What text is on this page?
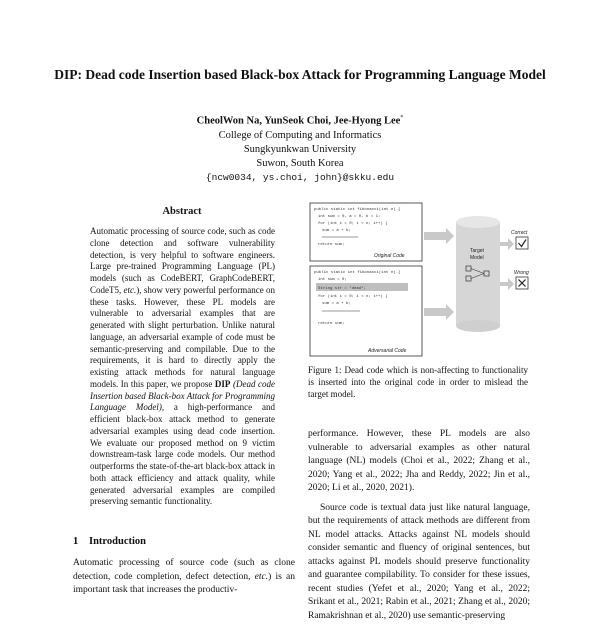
DIP: Dead code Insertion based Black-box Attack for Programming Language Model
CheolWon Na, YunSeok Choi, Jee-Hyong Lee*
College of Computing and Informatics
Sungkyunkwan University
Suwon, South Korea
{ncw0034, ys.choi, john}@skku.edu
Abstract

Automatic processing of source code, such as code clone detection and software vulnerability detection, is very helpful to software engineers. Large pre-trained Programming Language (PL) models (such as CodeBERT, GraphCodeBERT, CodeT5, etc.), show very powerful performance on these tasks. However, these PL models are vulnerable to adversarial examples that are generated with slight perturbation. Unlike natural language, an adversarial example of code must be semantic-preserving and compilable. Due to the requirements, it is hard to directly apply the existing attack methods for natural language models. In this paper, we propose DIP (Dead code Insertion based Black-box Attack for Programming Language Model), a high-performance and efficient black-box attack method to generate adversarial examples using dead code insertion. We evaluate our proposed method on 9 victim downstream-task large code models. Our method outperforms the state-of-the-art black-box attack in both attack efficiency and attack quality, while generated adversarial examples are compiled preserving semantic functionality.

1 Introduction

Automatic processing of source code (such as clone detection, code completion, defect detection, etc.) is an important task that increases the productiv-

public static int fibonacci(int n) {
int sum = 0, a = 0, b = 1;
for (int i = 0; i < n; i++) {
sum = a + b;
return sum;
Original Code
public static int fibonacci(int n) {
int sum = 0;
String str = "dead";
for (int i = 0; i < n; i++) {
sum = a + b;
return sum;
Adversarial Code
Target
Model
Correct
Wrong
Figure 1: Dead code which is non-affecting to functionality is inserted into the original code in order to mislead the target model.

performance. However, these PL models are also vulnerable to adversarial examples as other natural language (NL) models (Choi et al., 2022; Zhang et al., 2020; Yang et al., 2022; Jha and Reddy, 2022; Jin et al., 2020; Li et al., 2020, 2021).

Source code is textual data just like natural language, but the requirements of attack methods are different from NL model attacks. Attacks against NL models should consider semantic and fluency of original sentences, but attacks against PL models should preserve functionality and guarantee compilability. To consider for these issues, recent studies (Yefet et al., 2020; Yang et al., 2022; Srikant et al., 2021; Rabin et al., 2021; Zhang et al., 2020; Ramakrishnan et al., 2020) use semantic-preserving
